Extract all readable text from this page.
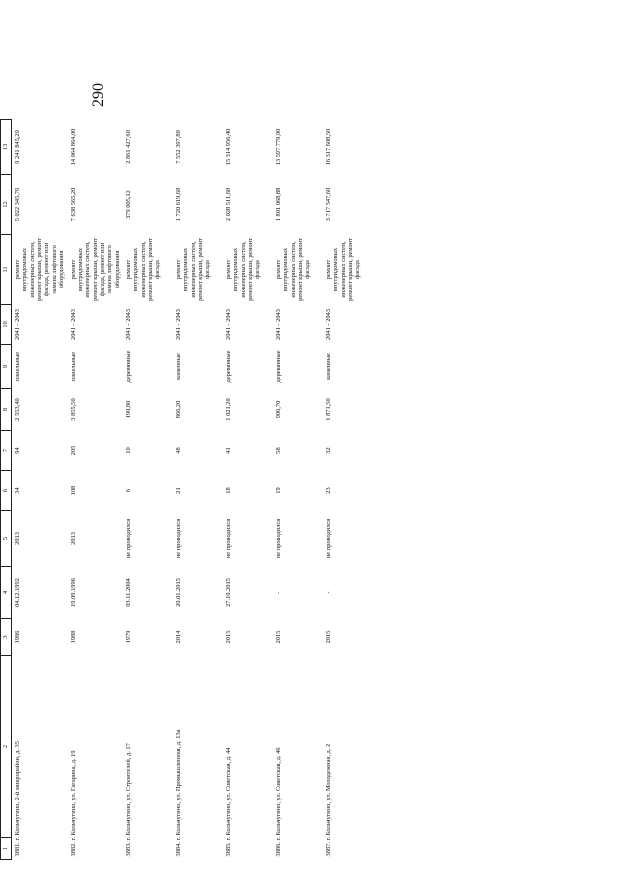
290
1	2	3	4	5	6	7	8	9	10	11	12	13
3881. г. Кольчугино, 2-й микрорайон, д. 35		1986	04.12.1992	2013	34	94	2 553,40	панельные	2041 - 2043	ремонт внутридомовых инженерных систем, ремонт крыши, ремонт фасада, ремонт или замена лифтового оборудования	5 022 345,76	9 241 845,20
3882. г. Кольчугино, ул. Гагарина, д. 19		1988	19.09.1996	2013	108	205	3 855,50	панельные	2041 - 2043	ремонт внутридомовых инженерных систем, ремонт крыши, ремонт фасада, ремонт или замена лифтового оборудования	7 638 565,20	14 064 864,00
3883. г. Кольчугино, ул. Строителей, д. 17		1979	03.11.2004	не проводился	6	10	190,80	деревянные	2041 - 2043	ремонт внутридомовых инженерных систем, ремонт крыши, ремонт фасада	379 005,12	2 861 427,60
3884. г. Кольчугино, ул. Промышленная, д. 13а		2014	20.01.2015	не проводился	21	48	866,20	каменные	2041 - 2043	ремонт внутридомовых инженерных систем, ремонт крыши, ремонт фасада	1 720 619,68	7 552 397,80
3885. г. Кольчугино, ул. Советская, д. 44		2015	27.10.2015	не проводился	18	41	1 021,20	деревянные	2041 - 2043	ремонт внутридомовых инженерных систем, ремонт крыши, ремонт фасада	2 028 511,68	15 314 956,40
3886. г. Кольчугино, ул. Советская, д. 46		2015	-	не проводился	19	58	906,70	деревянные	2041 - 2043	ремонт внутридомовых инженерных систем, ремонт крыши, ремонт фасада	1 801 068,88	13 597 779,90
3887. г. Кольчугино, ул. Молодежная, д. 2		2015	-	не проводился	23	32	1 871,50	каменные	2041 - 2043	ремонт внутридомовых инженерных систем, ремонт крыши, ремонт фасада	3 717 547,60	16 317 608,50
